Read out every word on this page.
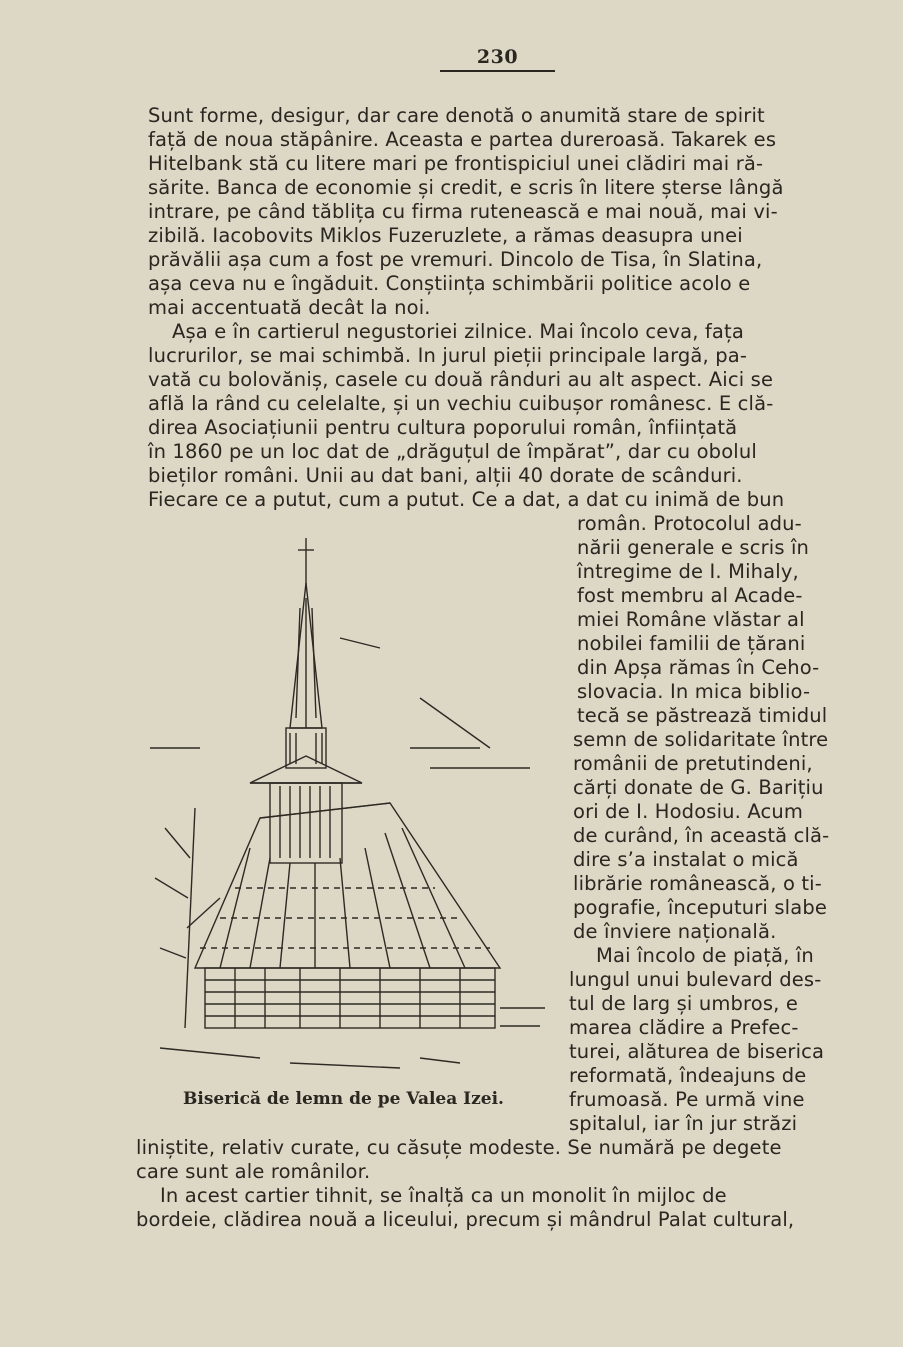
230
Sunt forme, desigur, dar care denotă o anumită stare de spirit
față de noua stăpânire. Aceasta e partea dureroasă. Takarek es
Hitelbank stă cu litere mari pe frontispiciul unei clădiri mai ră-
sărite. Banca de economie și credit, e scris în litere șterse lângă
intrare, pe când tăblița cu firma rutenească e mai nouă, mai vi-
zibilă. Iacobovits Miklos Fuzeruzlete, a rămas deasupra unei
prăvălii așa cum a fost pe vremuri. Dincolo de Tisa, în Slatina,
așa ceva nu e îngăduit. Conștiința schimbării politice acolo e
mai accentuată decât la noi.
Așa e în cartierul negustoriei zilnice. Mai încolo ceva, fața
lucrurilor, se mai schimbă. In jurul pieții principale largă, pa-
vată cu bolovăniș, casele cu două rânduri au alt aspect. Aici se
află la rând cu celelalte, și un vechiu cuibușor românesc. E clă-
direa Asociațiunii pentru cultura poporului român, înființată
în 1860 pe un loc dat de „drăguțul de împărat”, dar cu obolul
bieților români. Unii au dat bani, alții 40 dorate de scânduri.
Fiecare ce a putut, cum a putut. Ce a dat, a dat cu inimă de bun
român. Protocolul adu-
nării generale e scris în
întregime de I. Mihaly,
fost membru al Acade-
miei Române vlăstar al
nobilei familii de țărani
din Apșa rămas în Ceho-
slovacia. In mica biblio-
tecă se păstrează timidul
semn de solidaritate între
românii de pretutindeni,
cărți donate de G. Barițiu
ori de I. Hodosiu. Acum
de curând, în această clă-
dire s’a instalat o mică
librărie românească, o ti-
pografie, începuturi slabe
de înviere națională.
Mai încolo de piață, în
lungul unui bulevard des-
tul de larg și umbros, e
marea clădire a Prefec-
turei, alăturea de biserica
reformată, îndeajuns de
frumoasă. Pe urmă vine
spitalul, iar în jur străzi
liniștite, relativ curate, cu căsuțe modeste. Se numără pe degete
care sunt ale românilor.
In acest cartier tihnit, se înalță ca un monolit în mijloc de
bordeie, clădirea nouă a liceului, precum și mândrul Palat cultural,
Biserică de lemn de pe Valea Izei.
